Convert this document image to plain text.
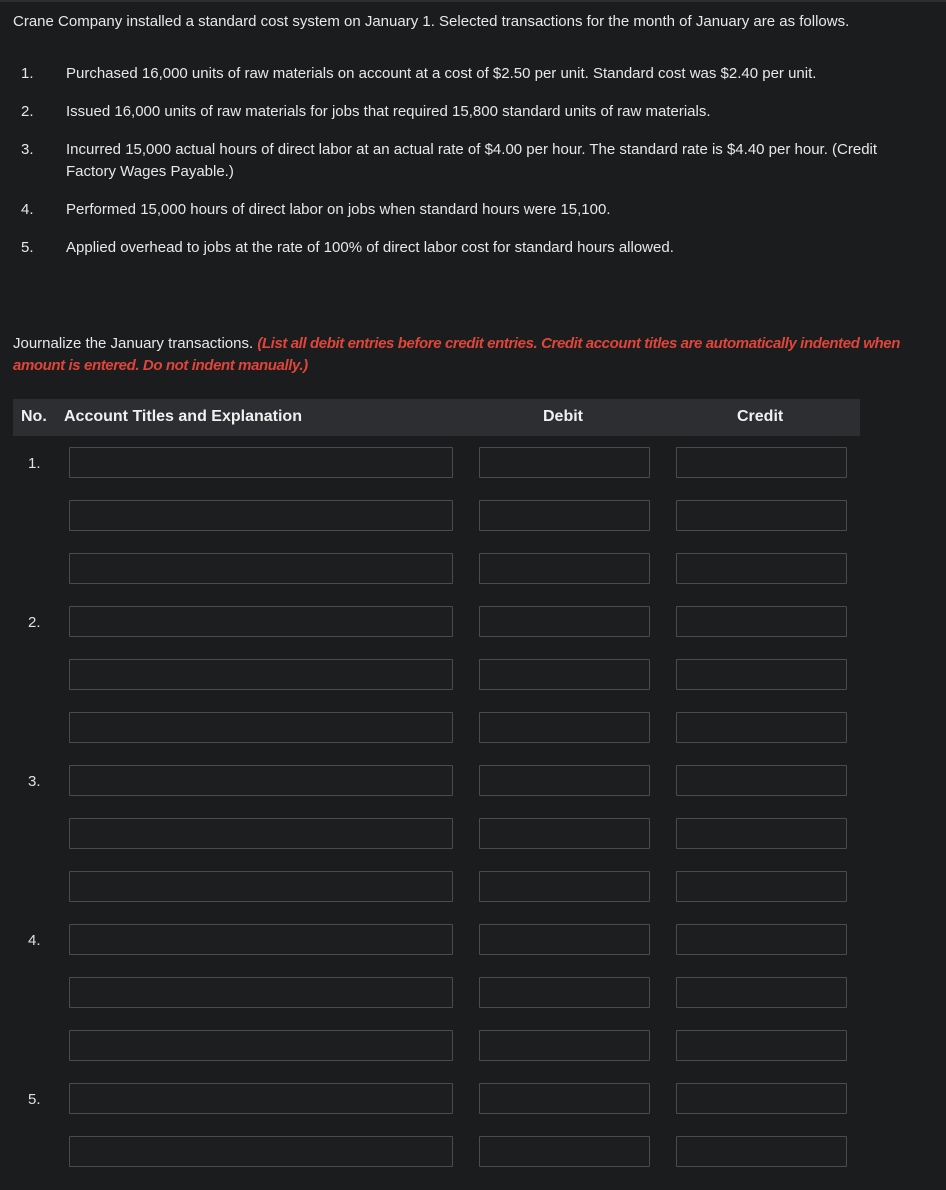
Crane Company installed a standard cost system on January 1. Selected transactions for the month of January are as follows.
1. Purchased 16,000 units of raw materials on account at a cost of $2.50 per unit. Standard cost was $2.40 per unit.
2. Issued 16,000 units of raw materials for jobs that required 15,800 standard units of raw materials.
3. Incurred 15,000 actual hours of direct labor at an actual rate of $4.00 per hour. The standard rate is $4.40 per hour. (Credit Factory Wages Payable.)
4. Performed 15,000 hours of direct labor on jobs when standard hours were 15,100.
5. Applied overhead to jobs at the rate of 100% of direct labor cost for standard hours allowed.
Journalize the January transactions. (List all debit entries before credit entries. Credit account titles are automatically indented when amount is entered. Do not indent manually.)
No. Account Titles and Explanation	Debit	Credit
1.
2.
3.
4.
5.
